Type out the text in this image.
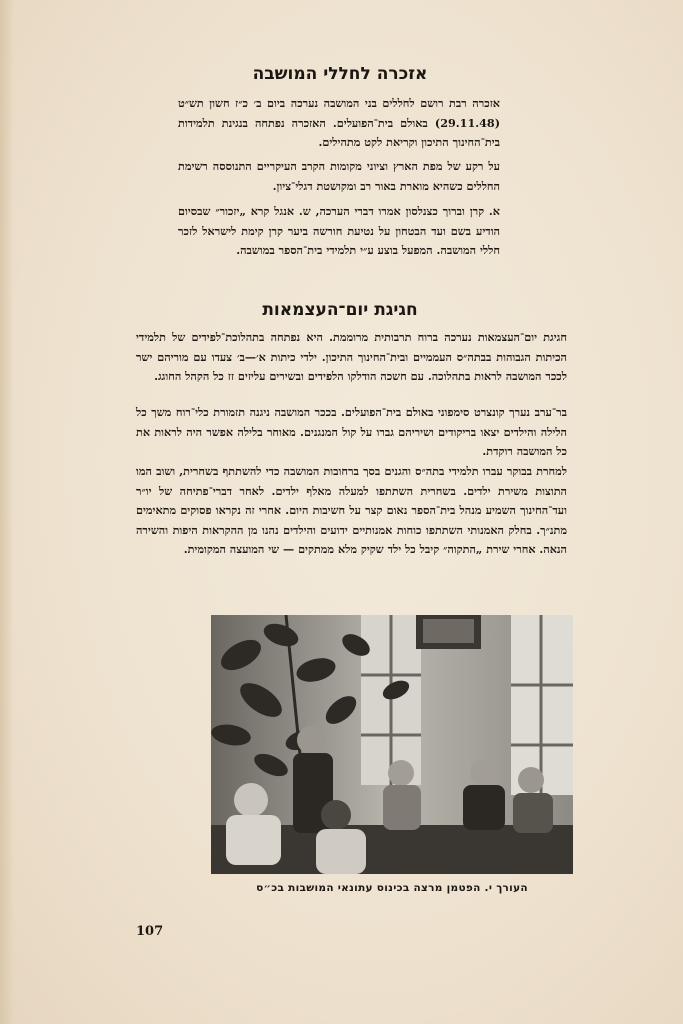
אזכרה לחללי המושבה
אזכרה רבת רושם לחללים בני המושבה נערכה ביום ב׳ כ״ז חשון תש״ט (29.11.48) באולם בית־הפועלים. האזכרה נפתחה בנגינת תלמידות בית־החינוך התיכון וקריאת לקט מתהילים.
על רקע של מפת הארץ וציוני מקומות הקרב העיקריים התנוססה רשימת החללים כשהיא מוארת באור רב ומקושטת דגלי־ציון.
א. קרן וברוך כצנלסון אמרו דברי הערכה, ש. אנגל קרא „יזכור״ שבסיום הודיע בשם ועד הבטחון על נטיעת חורשה ביער קרן קימת לישראל לזכר חללי המושבה. המפעל בוצע ע״י תלמידי בית־הספר במושבה.
חגיגת יום־העצמאות
חגיגת יום־העצמאות נערכה ברוח תרבותית מרוממת. היא נפתחה בתהלוכת־לפידים של תלמידי הכיתות הגבוהות בבתה״ס העממיים ובית־החינוך התיכון. ילדי כיתות א׳—ב׳ צעדו עם מוריהם ישר לככר המושבה לראות בתהלוכה. עם חשכה הודלקו הלפידים ובשירים עליזים זז כל הקהל החוגג.
בר־ערב נערך קונצרט סימפוני באולם בית־הפועלים. בככר המושבה ניגנה תזמורת כלי־רוח משך כל הלילה והילדים יצאו בריקודים ושיריהם גברו על קול המנגנים. מאוחר בלילה אפשר היה לראות את כל המושבה רוקדת.
למחרת בבוקר עברו תלמידי בתה״ס והגנים בסך ברחובות המושבה כדי להשתתף בשחרית, ושוב המו התוצות משירת ילדים. בשחרית השתתפו למעלה מאלף ילדים. לאחר דברי־פתיחה של יו״ר ועד־החינוך השמיע מנהל בית־הספר נאום קצר על חשיבות היום. אחרי זה נקראו פסוקים מתאימים מתנ״ך. בחלק האמנותי השתתפו כוחות אמנותיים ידועים והילדים נהנו מן ההקראות היפות והשירה הנאה. אחרי שירת „התקוה״ קיבל כל ילד שקיק מלא ממתקים — שי המועצה המקומית.
העורך י. הפטמן מרצה בכינוס עתונאי המושבות בכ״ס
107
